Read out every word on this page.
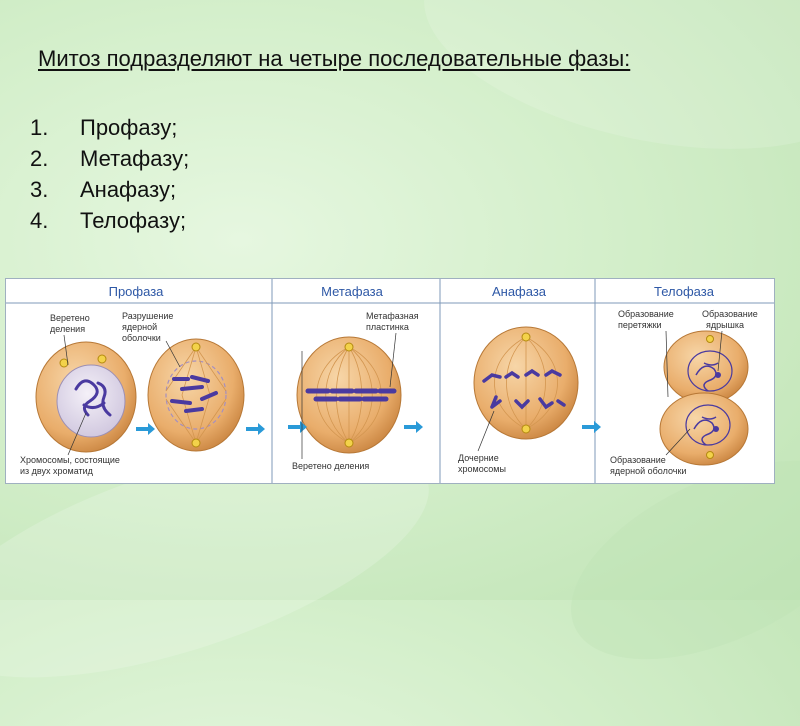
Митоз подразделяют на четыре последовательные фазы:
1. Профазу;
2. Метафазу;
3. Анафазу;
4. Телофазу;
Профаза	Метафаза	Анафаза	Телофаза
Веретено
деления
Разрушение
ядерной
оболочки
Хромосомы, состоящие
из двух хроматид
Метафазная
пластинка
Веретено деления
Дочерние
хромосомы
Образование
перетяжки
Образование
ядрышка
Образование
ядерной оболочки
